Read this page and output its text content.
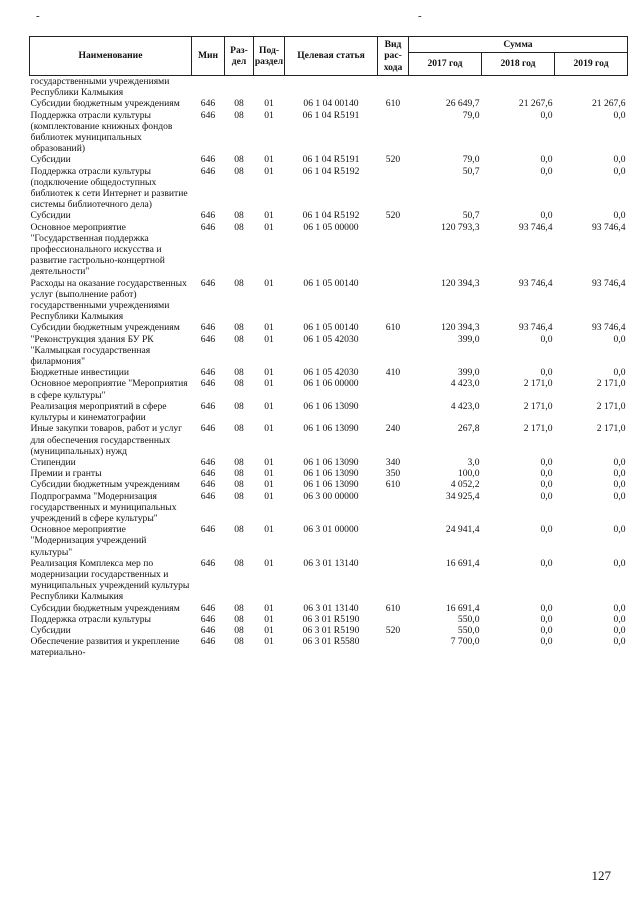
-	-
Наименование	Мин	Раз-дел	Под-раздел	Целевая статья	Вид рас-хода	Сумма		
						2017 год	2018 год	2019 год
государственными учреждениями Республики Калмыкия								
Субсидии бюджетным учреждениям	646	08	01	06 1 04 00140	610	26 649,7	21 267,6	21 267,6
Поддержка отрасли культуры (комплектование книжных фондов библиотек муниципальных образований)	646	08	01	06 1 04 R5191		79,0	0,0	0,0
Субсидии	646	08	01	06 1 04 R5191	520	79,0	0,0	0,0
Поддержка отрасли культуры (подключение общедоступных библиотек к сети Интернет и развитие системы библиотечного дела)	646	08	01	06 1 04 R5192		50,7	0,0	0,0
Субсидии	646	08	01	06 1 04 R5192	520	50,7	0,0	0,0
Основное мероприятие "Государственная поддержка профессионального искусства и развитие гастрольно-концертной деятельности"	646	08	01	06 1 05 00000		120 793,3	93 746,4	93 746,4
Расходы на оказание государственных услуг (выполнение работ) государственными учреждениями Республики Калмыкия	646	08	01	06 1 05 00140		120 394,3	93 746,4	93 746,4
Субсидии бюджетным учреждениям	646	08	01	06 1 05 00140	610	120 394,3	93 746,4	93 746,4
"Реконструкция здания БУ РК "Калмыцкая государственная филармония"	646	08	01	06 1 05 42030		399,0	0,0	0,0
Бюджетные инвестиции	646	08	01	06 1 05 42030	410	399,0	0,0	0,0
Основное мероприятие "Мероприятия в сфере культуры"	646	08	01	06 1 06 00000		4 423,0	2 171,0	2 171,0
Реализация мероприятий в сфере культуры и кинематографии	646	08	01	06 1 06 13090		4 423,0	2 171,0	2 171,0
Иные закупки товаров, работ и услуг для обеспечения государственных (муниципальных) нужд	646	08	01	06 1 06 13090	240	267,8	2 171,0	2 171,0
Стипендии	646	08	01	06 1 06 13090	340	3,0	0,0	0,0
Премии и гранты	646	08	01	06 1 06 13090	350	100,0	0,0	0,0
Субсидии бюджетным учреждениям	646	08	01	06 1 06 13090	610	4 052,2	0,0	0,0
Подпрограмма "Модернизация государственных и муниципальных учреждений в сфере культуры"	646	08	01	06 3 00 00000		34 925,4	0,0	0,0
Основное мероприятие "Модернизация учреждений культуры"	646	08	01	06 3 01 00000		24 941,4	0,0	0,0
Реализация Комплекса мер по модернизации государственных и муниципальных учреждений культуры Республики Калмыкия	646	08	01	06 3 01 13140		16 691,4	0,0	0,0
Субсидии бюджетным учреждениям	646	08	01	06 3 01 13140	610	16 691,4	0,0	0,0
Поддержка отрасли культуры	646	08	01	06 3 01 R5190		550,0	0,0	0,0
Субсидии	646	08	01	06 3 01 R5190	520	550,0	0,0	0,0
Обеспечение развития и укрепление материально-	646	08	01	06 3 01 R5580		7 700,0	0,0	0,0
127
